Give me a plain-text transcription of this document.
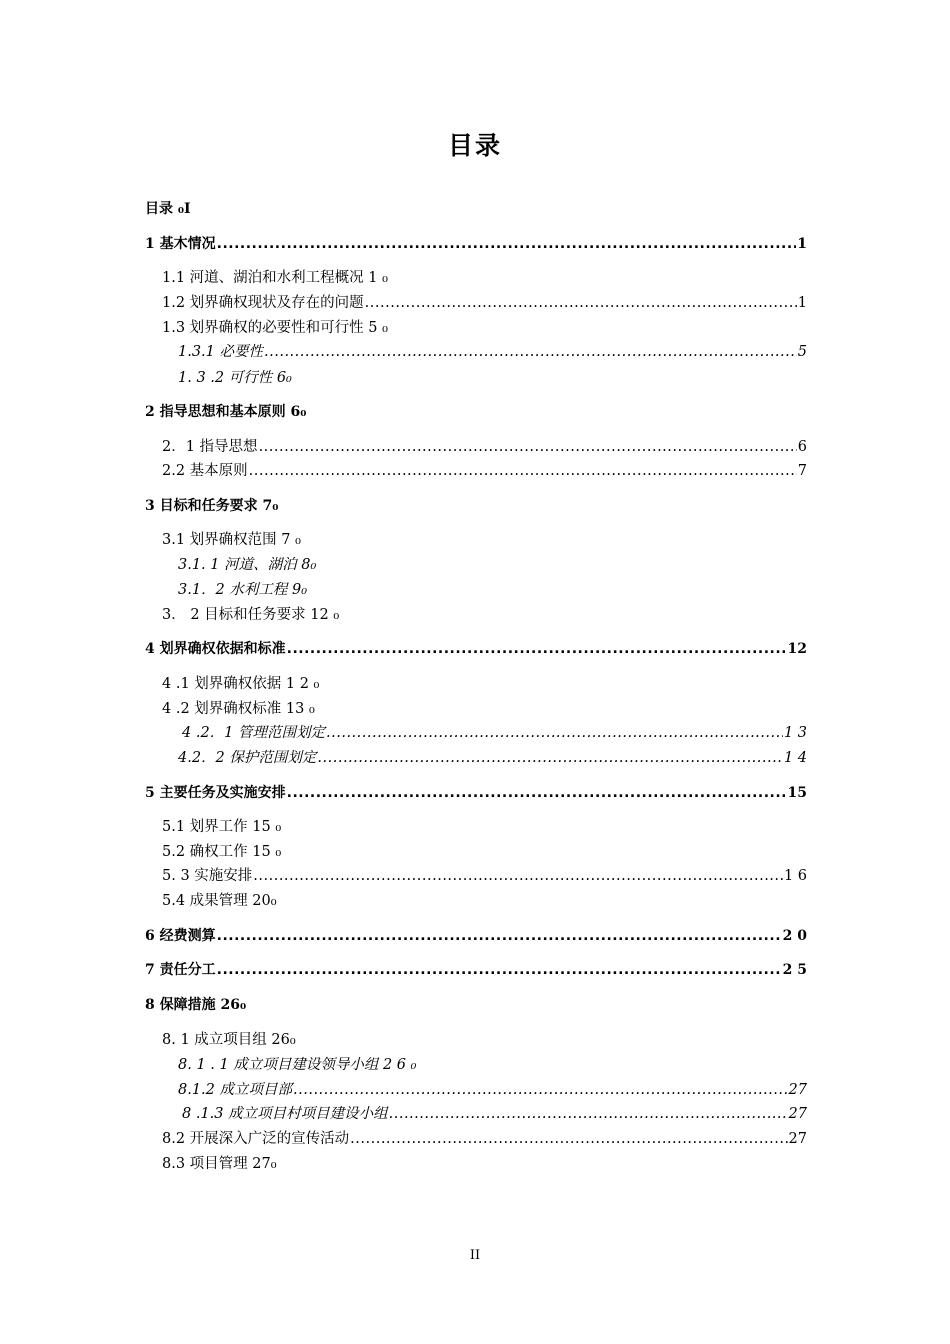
目录
目录 ₀I
1 基木情况 .....	1
1.1 河道、湖泊和水利工程概况 1 ₀
1.2 划界确权现状及存在的问题 .....	1
1.3 划界确权的必要性和可行性 5 ₀
1.3.1 必要性 .....	5
1. 3 .2 可行性 6₀
2 指导思想和基本原则 6₀
2．1 指导思想 .....	6
2.2 基本原则 .....	7
3 目标和任务要求 7₀
3.1 划界确权范围 7 ₀
3.1. 1 河道、湖泊 8₀
3.1．2 水利工程 9₀
3． 2 目标和任务要求 12 ₀
4 划界确权依据和标准 .....	12
4 .1 划界确权依据 1 2 ₀
4 .2 划界确权标准 13 ₀
4 .2．1 管理范围划定 .....	1 3
4.2．2 保护范围划定 .....	1 4
5 主要任务及实施安排 .....	15
5.1 划界工作 15 ₀
5.2 确权工作 15 ₀
5. 3 实施安排 .....	1 6
5.4 成果管理 20₀
6 经费测算 .....	2 0
7 责任分工 .....	2 5
8 保障措施 26₀
8. 1 成立项目组 26₀
8. 1 . 1 成立项目建设领导小组 2 6 ₀
8.1.2 成立项目部 .....	27
8 .1.3 成立项目村项目建设小组 .....	27
8.2 开展深入广泛的宣传活动 .....	27
8.3 项目管理 27₀
II
